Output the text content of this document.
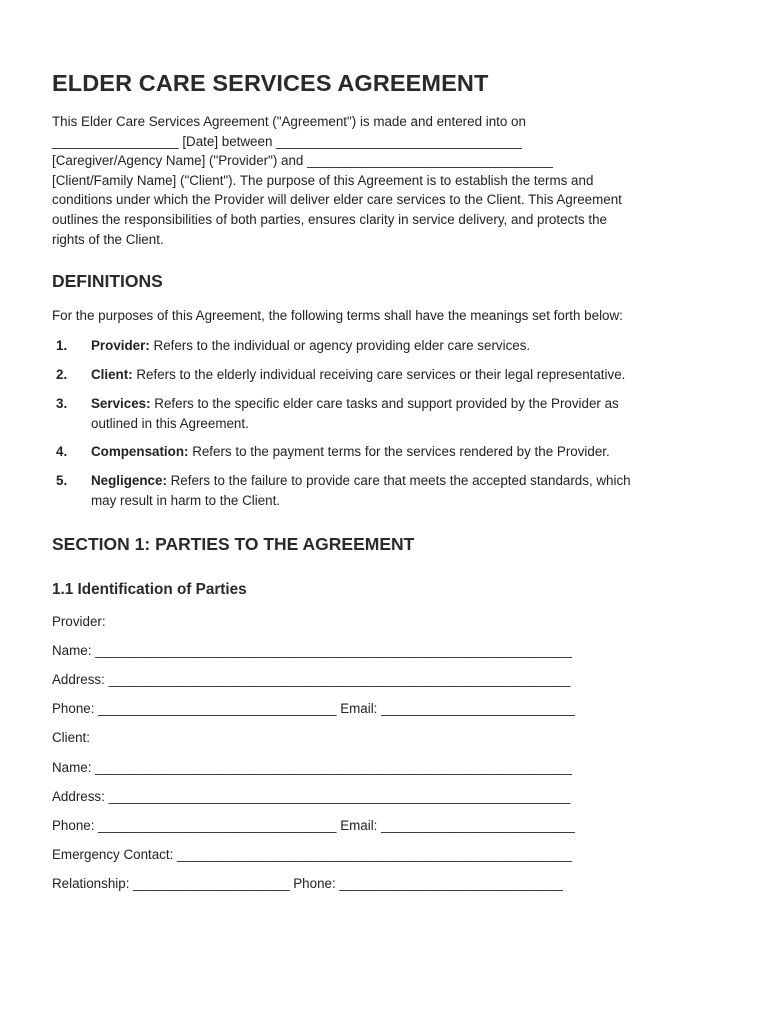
ELDER CARE SERVICES AGREEMENT
This Elder Care Services Agreement ("Agreement") is made and entered into on
_________________ [Date] between _________________________________
[Caregiver/Agency Name] ("Provider") and _________________________________
[Client/Family Name] ("Client"). The purpose of this Agreement is to establish the terms and
conditions under which the Provider will deliver elder care services to the Client. This Agreement
outlines the responsibilities of both parties, ensures clarity in service delivery, and protects the
rights of the Client.
DEFINITIONS

For the purposes of this Agreement, the following terms shall have the meanings set forth below:

1. Provider: Refers to the individual or agency providing elder care services.
2. Client: Refers to the elderly individual receiving care services or their legal representative.
3. Services: Refers to the specific elder care tasks and support provided by the Provider as
outlined in this Agreement.
4. Compensation: Refers to the payment terms for the services rendered by the Provider.
5. Negligence: Refers to the failure to provide care that meets the accepted standards, which
may result in harm to the Client.
SECTION 1: PARTIES TO THE AGREEMENT
1.1 Identification of Parties

Provider:

Name: ________________________________________________________________

Address: ______________________________________________________________

Phone: ________________________________ Email: __________________________

Client:

Name: ________________________________________________________________

Address: ______________________________________________________________

Phone: ________________________________ Email: __________________________

Emergency Contact: _____________________________________________________

Relationship: _____________________ Phone: ______________________________
